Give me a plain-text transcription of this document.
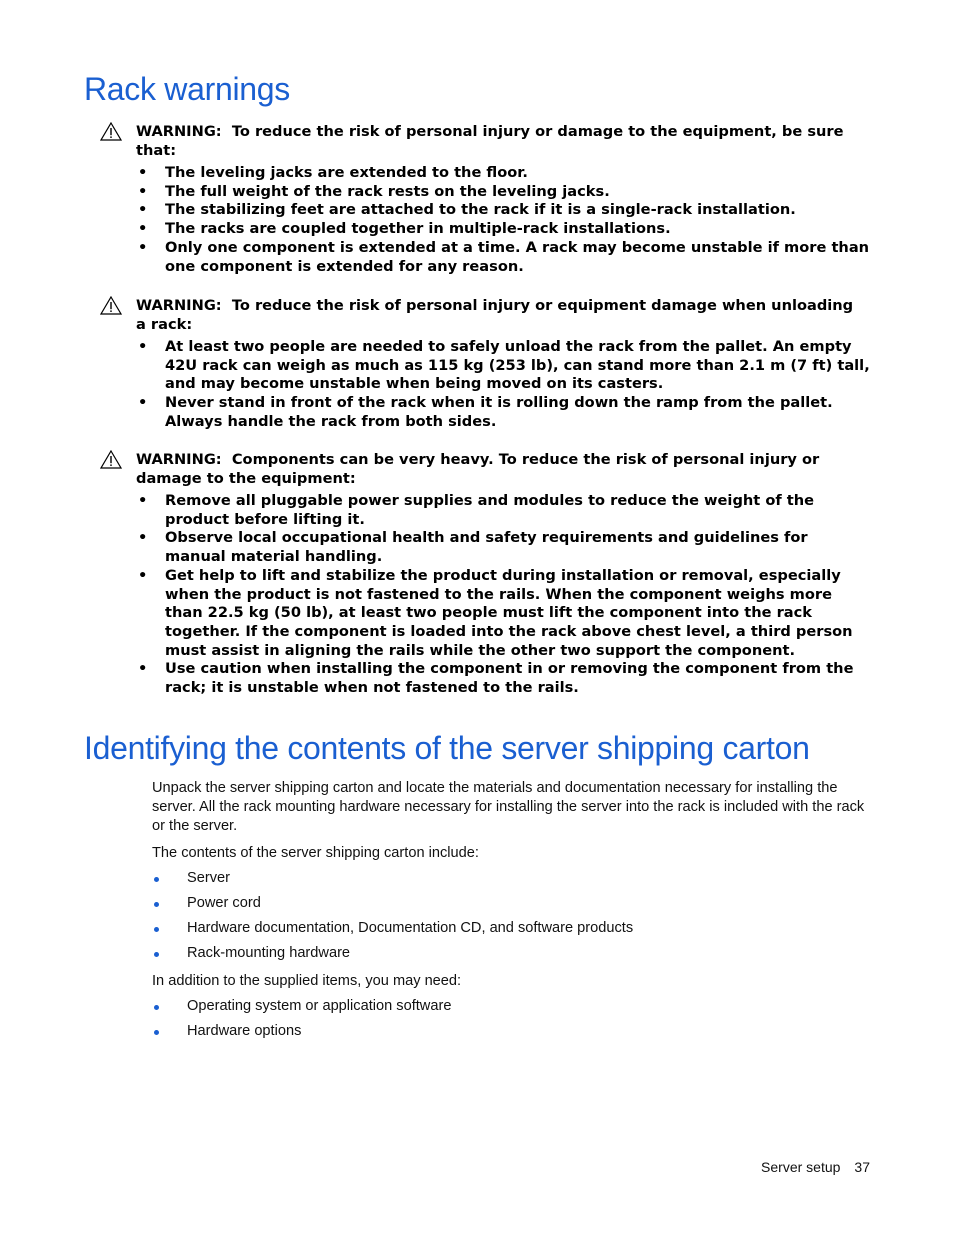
Rack warnings

WARNING: To reduce the risk of personal injury or damage to the equipment, be sure
that:

• The leveling jacks are extended to the floor.
• The full weight of the rack rests on the leveling jacks.
• The stabilizing feet are attached to the rack if it is a single-rack installation.
• The racks are coupled together in multiple-rack installations.
• Only one component is extended at a time. A rack may become unstable if more than one component is extended for any reason.

WARNING: To reduce the risk of personal injury or equipment damage when unloading
a rack:

• At least two people are needed to safely unload the rack from the pallet. An empty 42U rack can weigh as much as 115 kg (253 lb), can stand more than 2.1 m (7 ft) tall, and may become unstable when being moved on its casters.
• Never stand in front of the rack when it is rolling down the ramp from the pallet. Always handle the rack from both sides.

WARNING: Components can be very heavy. To reduce the risk of personal injury or
damage to the equipment:

• Remove all pluggable power supplies and modules to reduce the weight of the product before lifting it.
• Observe local occupational health and safety requirements and guidelines for manual material handling.
• Get help to lift and stabilize the product during installation or removal, especially when the product is not fastened to the rails. When the component weighs more than 22.5 kg (50 lb), at least two people must lift the component into the rack together. If the component is loaded into the rack above chest level, a third person must assist in aligning the rails while the other two support the component.
• Use caution when installing the component in or removing the component from the rack; it is unstable when not fastened to the rails.
Identifying the contents of the server shipping carton

Unpack the server shipping carton and locate the materials and documentation necessary for installing the server. All the rack mounting hardware necessary for installing the server into the rack is included with the rack or the server.

The contents of the server shipping carton include:

Server
Power cord
Hardware documentation, Documentation CD, and software products
Rack-mounting hardware

In addition to the supplied items, you may need:

Operating system or application software
Hardware options
Server setup 37
